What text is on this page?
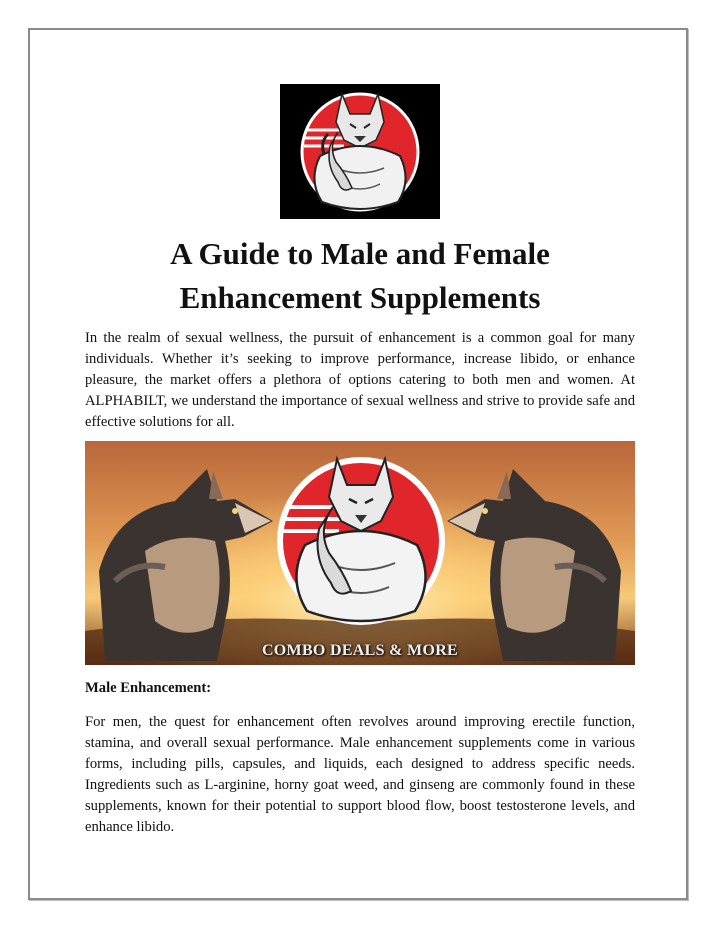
A Guide to Male and Female
Enhancement Supplements

In the realm of sexual wellness, the pursuit of enhancement is a common goal for many individuals. Whether it’s seeking to improve performance, increase libido, or enhance pleasure, the market offers a plethora of options catering to both men and women. At ALPHABILT, we understand the importance of sexual wellness and strive to provide safe and effective solutions for all.

COMBO DEALS & MORE
Male Enhancement:

For men, the quest for enhancement often revolves around improving erectile function, stamina, and overall sexual performance. Male enhancement supplements come in various forms, including pills, capsules, and liquids, each designed to address specific needs. Ingredients such as L-arginine, horny goat weed, and ginseng are commonly found in these supplements, known for their potential to support blood flow, boost testosterone levels, and enhance libido.
